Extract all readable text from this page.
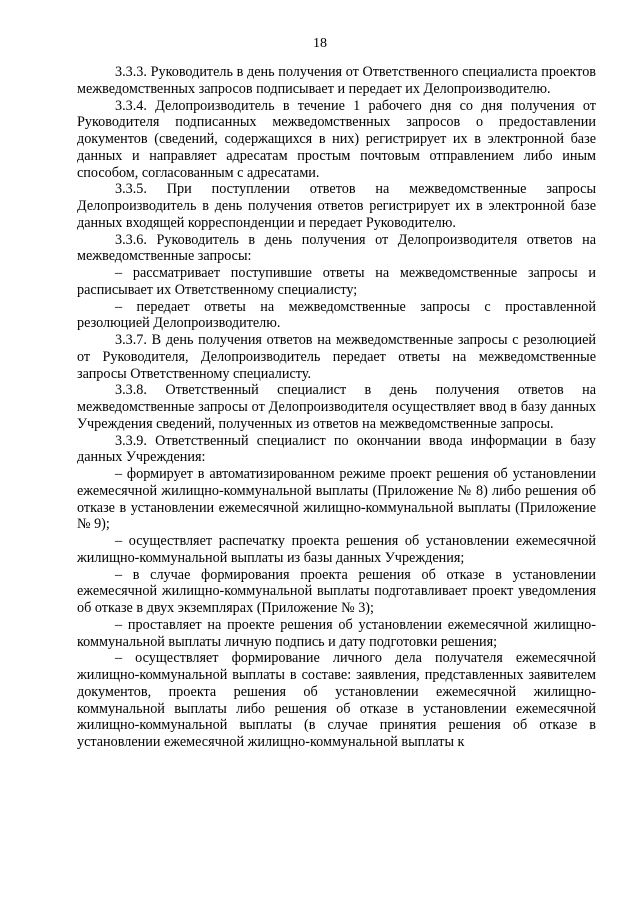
18

3.3.3. Руководитель в день получения от Ответственного специалиста проектов межведомственных запросов подписывает и передает их Делопроизводителю.

3.3.4. Делопроизводитель в течение 1 рабочего дня со дня получения от Руководителя подписанных межведомственных запросов о предоставлении документов (сведений, содержащихся в них) регистрирует их в электронной базе данных и направляет адресатам простым почтовым отправлением либо иным способом, согласованным с адресатами.

3.3.5. При поступлении ответов на межведомственные запросы Делопроизводитель в день получения ответов регистрирует их в электронной базе данных входящей корреспонденции и передает Руководителю.

3.3.6. Руководитель в день получения от Делопроизводителя ответов на межведомственные запросы:

– рассматривает поступившие ответы на межведомственные запросы и расписывает их Ответственному специалисту;

– передает ответы на межведомственные запросы с проставленной резолюцией Делопроизводителю.

3.3.7. В день получения ответов на межведомственные запросы с резолюцией от Руководителя, Делопроизводитель передает ответы на межведомственные запросы Ответственному специалисту.

3.3.8. Ответственный специалист в день получения ответов на межведомственные запросы от Делопроизводителя осуществляет ввод в базу данных Учреждения сведений, полученных из ответов на межведомственные запросы.

3.3.9. Ответственный специалист по окончании ввода информации в базу данных Учреждения:

– формирует в автоматизированном режиме проект решения об установлении ежемесячной жилищно-коммунальной выплаты (Приложение № 8) либо решения об отказе в установлении ежемесячной жилищно-коммунальной выплаты (Приложение № 9);

– осуществляет распечатку проекта решения об установлении ежемесячной жилищно-коммунальной выплаты из базы данных Учреждения;

– в случае формирования проекта решения об отказе в установлении ежемесячной жилищно-коммунальной выплаты подготавливает проект уведомления об отказе в двух экземплярах (Приложение № 3);

– проставляет на проекте решения об установлении ежемесячной жилищно-коммунальной выплаты личную подпись и дату подготовки решения;

– осуществляет формирование личного дела получателя ежемесячной жилищно-коммунальной выплаты в составе: заявления, представленных заявителем документов, проекта решения об установлении ежемесячной жилищно-коммунальной выплаты либо решения об отказе в установлении ежемесячной жилищно-коммунальной выплаты (в случае принятия решения об отказе в установлении ежемесячной жилищно-коммунальной выплаты к
